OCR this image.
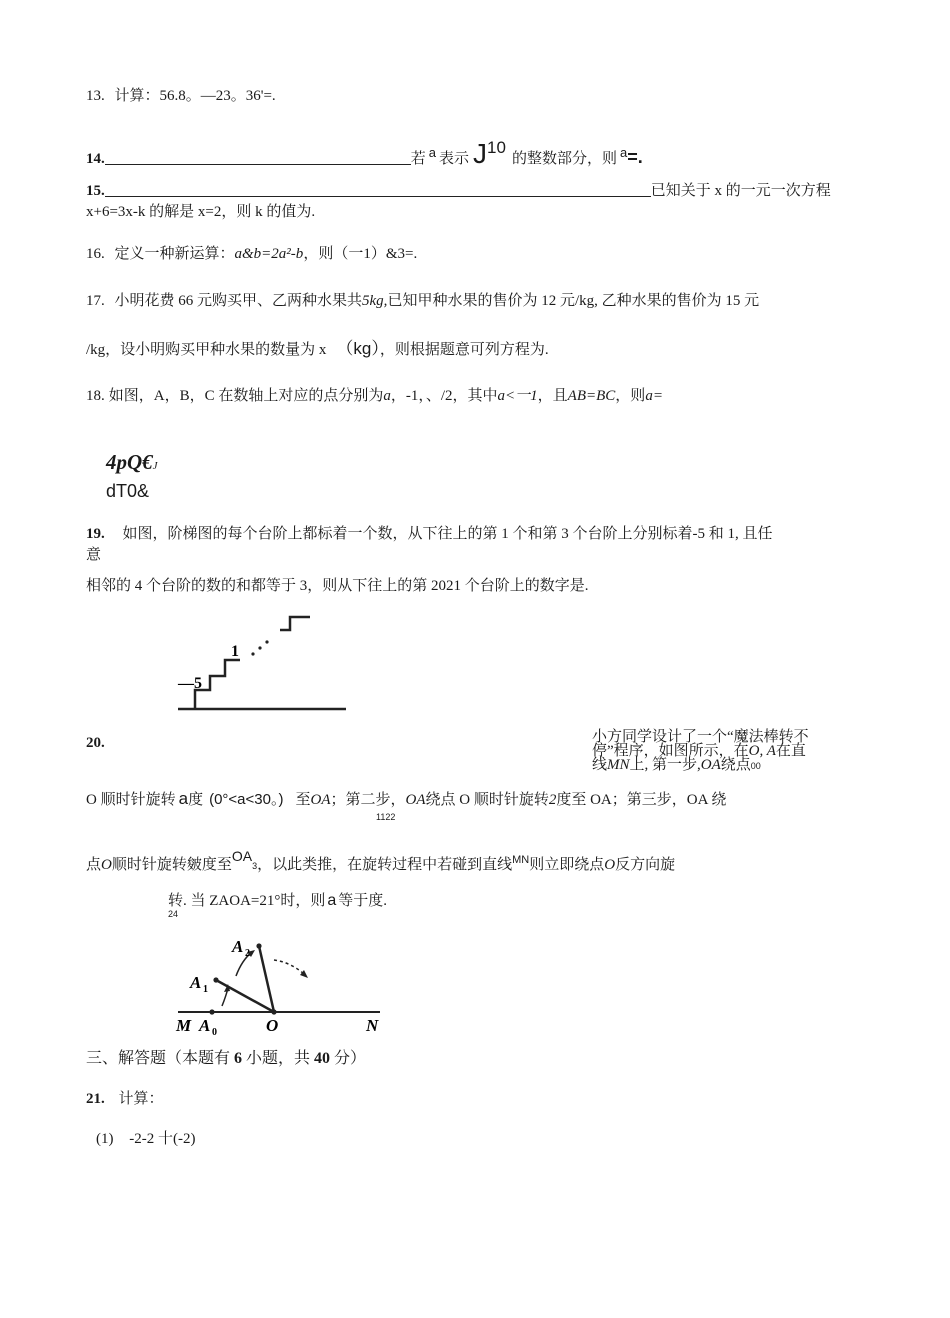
13. 计算：56.8。—23。36'=.
14.	若 a 表示 J10的整数部分，则 a=.
15.	已知关于 x 的一元一次方程
x+6=3x-k 的解是 x=2，则 k 的值为.
16. 定义一种新运算：a&b=2a²-b，则（一1）&3=.
17. 小明花费 66 元购买甲、乙两种水果共5kg,已知甲种水果的售价为 12 元/kg, 乙种水果的售价为 15 元
/kg，设小明购买甲种水果的数量为 x （kg），则根据题意可列方程为.
18. 如图，A，B，C 在数轴上对应的点分别为a，-1，、/2，其中a<一1，且AB=BC，则a=
4pQ€J
dT0&
19. 如图，阶梯图的每个台阶上都标着一个数，从下往上的第 1 个和第 3 个台阶上分别标着-5 和 1, 且任
意
相邻的 4 个台阶的数的和都等于 3，则从下往上的第 2021 个台阶上的数字是.
—5
1
20.	小方同学设计了一个“魔法棒转不
停”程序，如图所示，在O, A在直
线MN上, 第一步,OA绕点00
O 顺时针旋转 a度 (0°<a<30。) 至OA；第二步，OA绕点 O 顺时针旋转2度至 OA；第三步，OA 绕
1122
点O顺时针旋转皴度至OA3，以此类推，在旋转过程中若碰到直线$^{MN}$则立即绕点O反方向旋
转. 当 ZAOA=21°时，则 a 等于度.
24
A 2
A 1
M A 0	O	N
三、解答题（本题有 6 小题，共 40 分）
21. 计算：
(1) -2-2 十(-2)
